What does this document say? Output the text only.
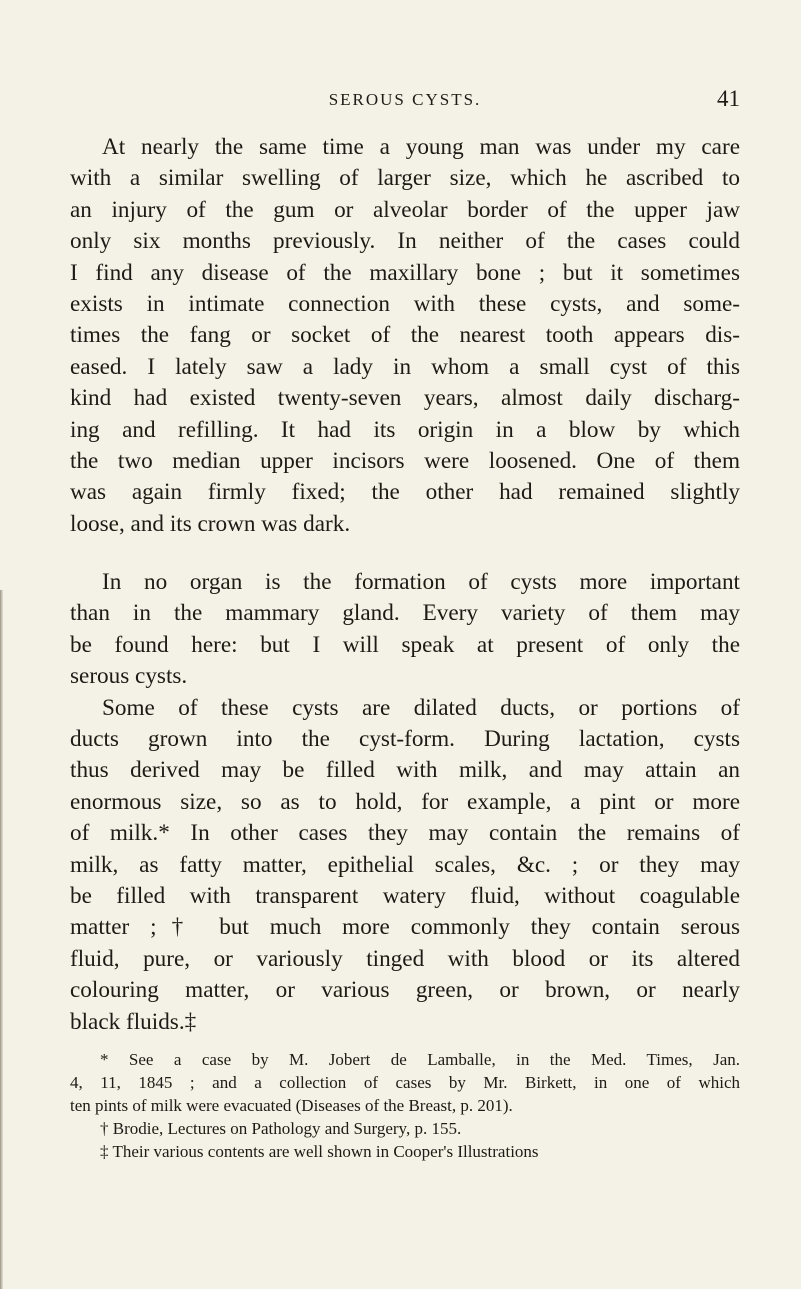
SEROUS CYSTS.	41
At nearly the same time a young man was under my care
with a similar swelling of larger size, which he ascribed to
an injury of the gum or alveolar border of the upper jaw
only six months previously. In neither of the cases could
I find any disease of the maxillary bone ; but it sometimes
exists in intimate connection with these cysts, and some-
times the fang or socket of the nearest tooth appears dis-
eased. I lately saw a lady in whom a small cyst of this
kind had existed twenty-seven years, almost daily discharg-
ing and refilling. It had its origin in a blow by which
the two median upper incisors were loosened. One of them
was again firmly fixed; the other had remained slightly
loose, and its crown was dark.
In no organ is the formation of cysts more important
than in the mammary gland. Every variety of them may
be found here: but I will speak at present of only the
serous cysts.
Some of these cysts are dilated ducts, or portions of
ducts grown into the cyst-form. During lactation, cysts
thus derived may be filled with milk, and may attain an
enormous size, so as to hold, for example, a pint or more
of milk.* In other cases they may contain the remains of
milk, as fatty matter, epithelial scales, &c. ; or they may
be filled with transparent watery fluid, without coagulable
matter ;† but much more commonly they contain serous
fluid, pure, or variously tinged with blood or its altered
colouring matter, or various green, or brown, or nearly
black fluids.‡
* See a case by M. Jobert de Lamballe, in the Med. Times, Jan.
4, 11, 1845 ; and a collection of cases by Mr. Birkett, in one of which
ten pints of milk were evacuated (Diseases of the Breast, p. 201).
† Brodie, Lectures on Pathology and Surgery, p. 155.
‡ Their various contents are well shown in Cooper's Illustrations
